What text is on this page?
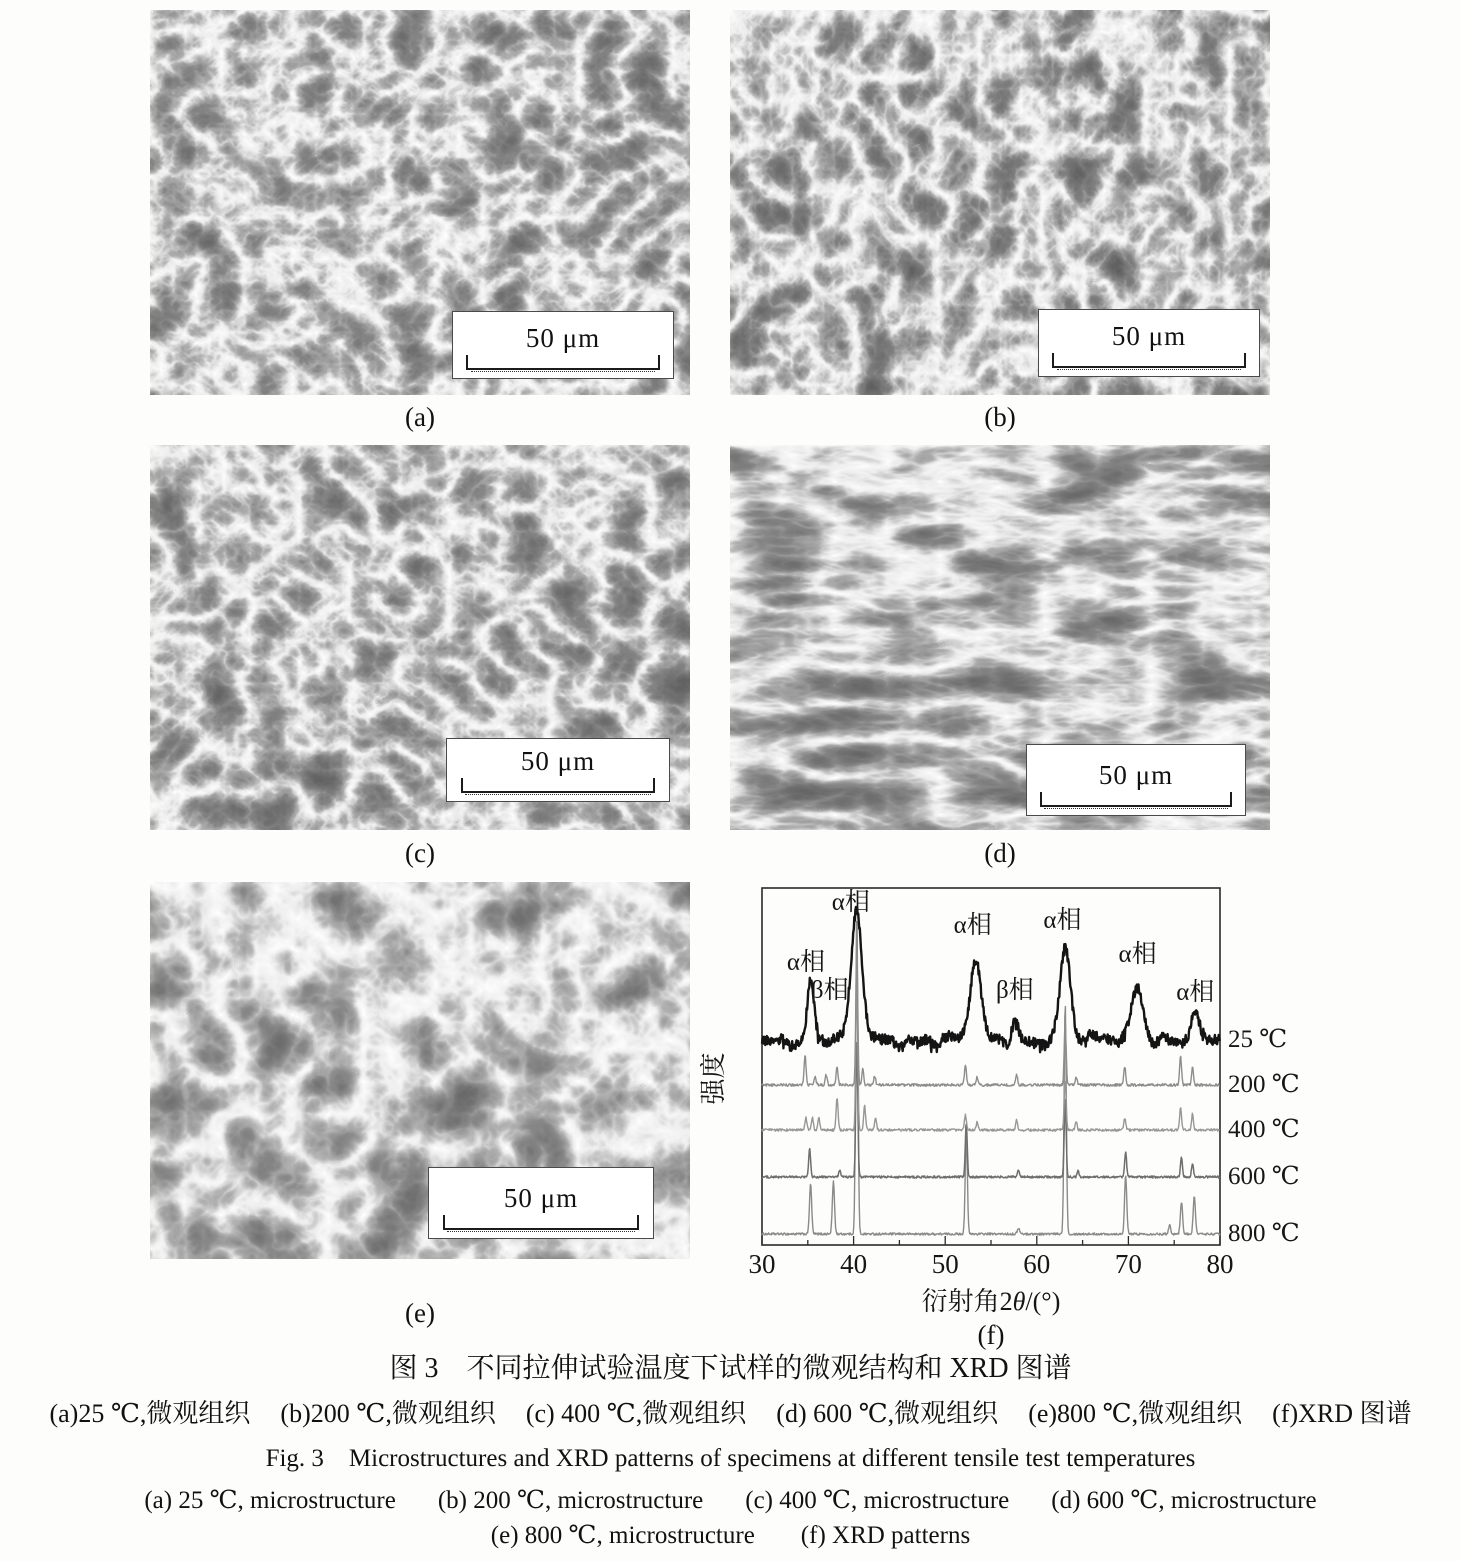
50 μm
(a)
50 μm
(b)
50 μm
(c)
50 μm
(d)
50 μm
(e)
30 40 50 60 70 80
衍射角2θ/(°)
强度
800 ℃
600 ℃
400 ℃
200 ℃
25 ℃
α相
β相
α相
α相
β相
α相
α相
α相
(f)
图 3　不同拉伸试验温度下试样的微观结构和 XRD 图谱
(a)25 ℃,微观组织 (b)200 ℃,微观组织 (c) 400 ℃,微观组织 (d) 600 ℃,微观组织 (e)800 ℃,微观组织 (f)XRD 图谱
Fig. 3　Microstructures and XRD patterns of specimens at different tensile test temperatures
(a) 25 ℃, microstructure (b) 200 ℃, microstructure (c) 400 ℃, microstructure (d) 600 ℃, microstructure
(e) 800 ℃, microstructure (f) XRD patterns
